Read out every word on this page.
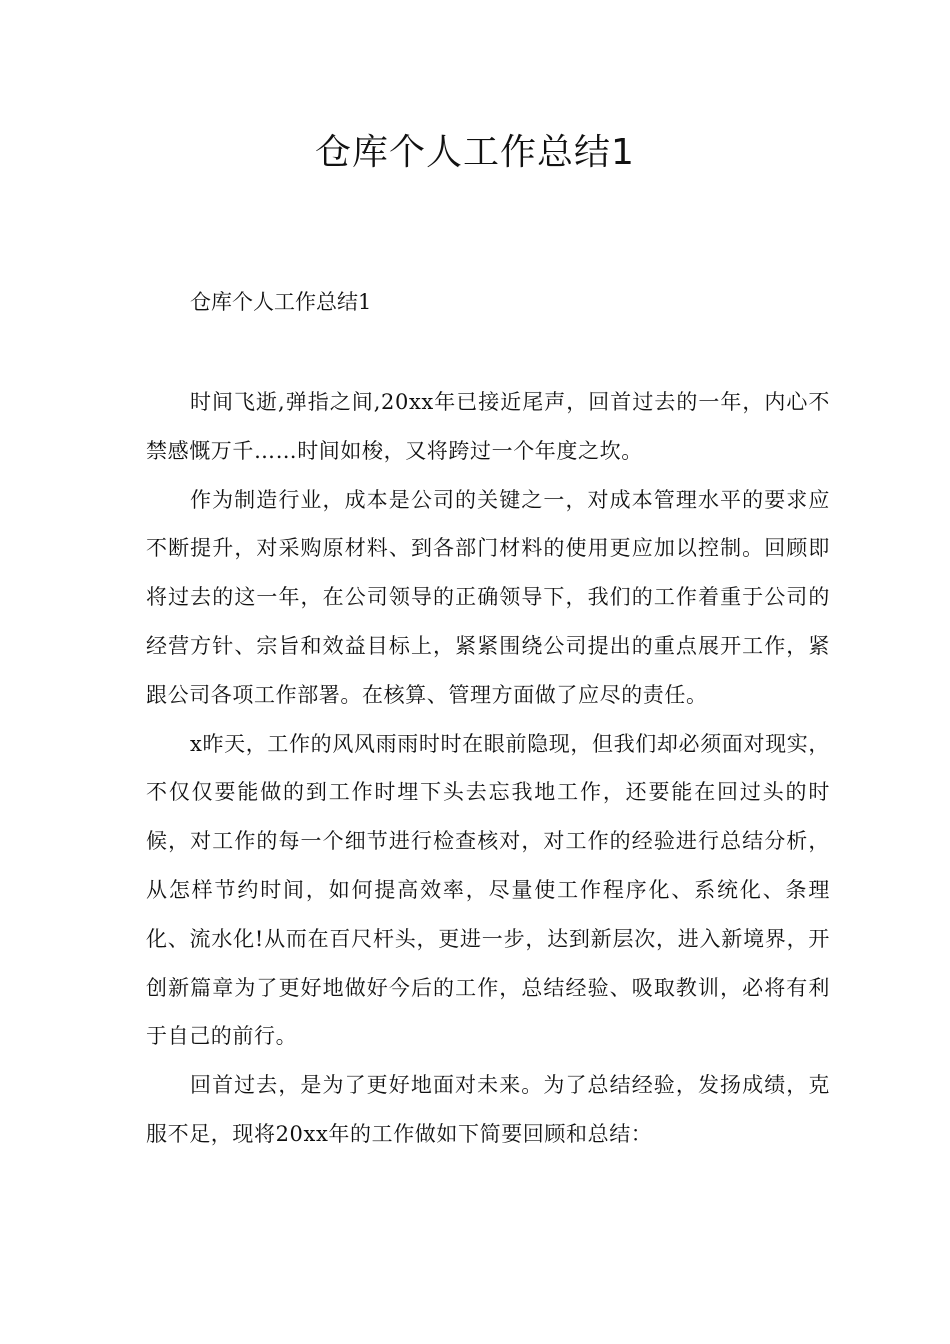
仓库个人工作总结1

仓库个人工作总结1

时间飞逝,弹指之间,20xx年已接近尾声，回首过去的一年，内心不禁感慨万千……时间如梭，又将跨过一个年度之坎。

作为制造行业，成本是公司的关键之一，对成本管理水平的要求应不断提升，对采购原材料、到各部门材料的使用更应加以控制。回顾即将过去的这一年，在公司领导的正确领导下，我们的工作着重于公司的经营方针、宗旨和效益目标上，紧紧围绕公司提出的重点展开工作，紧跟公司各项工作部署。在核算、管理方面做了应尽的责任。

x昨天，工作的风风雨雨时时在眼前隐现，但我们却必须面对现实，不仅仅要能做的到工作时埋下头去忘我地工作，还要能在回过头的时候，对工作的每一个细节进行检查核对，对工作的经验进行总结分析，从怎样节约时间，如何提高效率，尽量使工作程序化、系统化、条理化、流水化!从而在百尺杆头，更进一步，达到新层次，进入新境界，开创新篇章为了更好地做好今后的工作，总结经验、吸取教训，必将有利于自己的前行。

回首过去，是为了更好地面对未来。为了总结经验，发扬成绩，克服不足，现将20xx年的工作做如下简要回顾和总结：
